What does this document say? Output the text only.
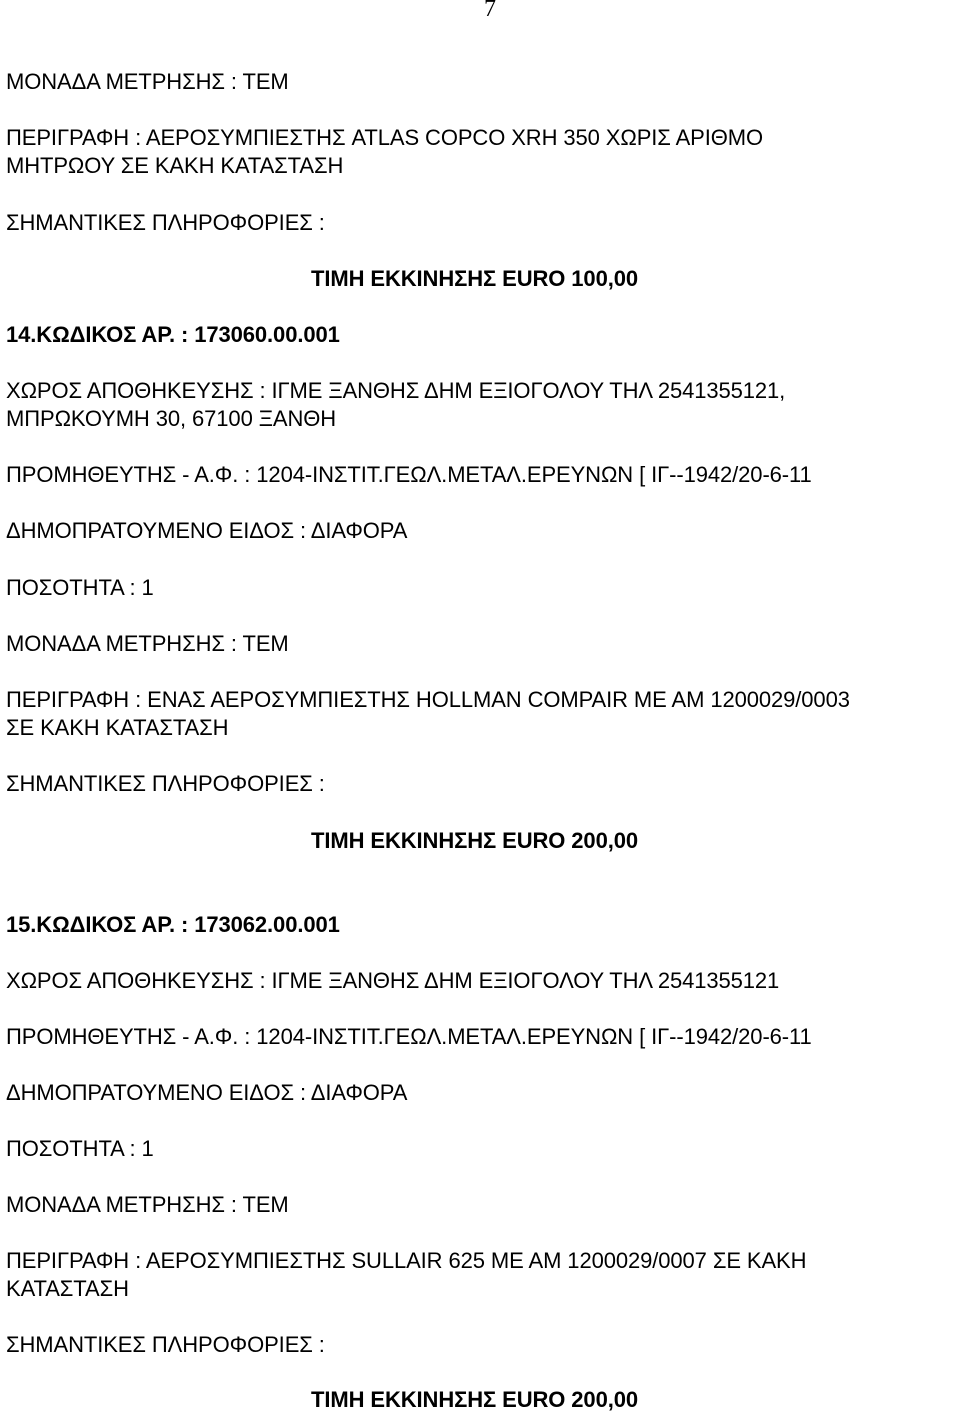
7
ΜΟΝΑΔΑ ΜΕΤΡΗΣΗΣ : ΤΕΜ
ΠΕΡΙΓΡΑΦΗ : ΑΕΡΟΣΥΜΠΙΕΣΤΗΣ ATLAS COPCO XRH 350 ΧΩΡΙΣ ΑΡΙΘΜΟ
ΜΗΤΡΩΟΥ ΣΕ ΚΑΚΗ ΚΑΤΑΣΤΑΣΗ
ΣΗΜΑΝΤΙΚΕΣ ΠΛΗΡΟΦΟΡΙΕΣ :
ΤΙΜΗ ΕΚΚΙΝΗΣΗΣ EURO 100,00
14.ΚΩΔΙΚΟΣ ΑΡ. : 173060.00.001
ΧΩΡΟΣ ΑΠΟΘΗΚΕΥΣΗΣ : ΙΓΜΕ ΞΑΝΘΗΣ ΔΗΜ ΕΞΙΟΓΟΛΟΥ ΤΗΛ 2541355121,
ΜΠΡΩΚΟΥΜΗ 30, 67100 ΞΑΝΘΗ
ΠΡΟΜΗΘΕΥΤΗΣ - Α.Φ. : 1204-ΙΝΣΤΙΤ.ΓΕΩΛ.ΜΕΤΑΛ.ΕΡΕΥΝΩΝ [ ΙΓ--1942/20-6-11
ΔΗΜΟΠΡΑΤΟΥΜΕΝΟ ΕΙΔΟΣ : ΔΙΑΦΟΡΑ
ΠΟΣΟΤΗΤΑ : 1
ΜΟΝΑΔΑ ΜΕΤΡΗΣΗΣ : ΤΕΜ
ΠΕΡΙΓΡΑΦΗ : ΕΝΑΣ ΑΕΡΟΣΥΜΠΙΕΣΤΗΣ HOLLMAN COMPAIR ΜΕ ΑΜ 1200029/0003
ΣΕ ΚΑΚΗ ΚΑΤΑΣΤΑΣΗ
ΣΗΜΑΝΤΙΚΕΣ ΠΛΗΡΟΦΟΡΙΕΣ :
ΤΙΜΗ ΕΚΚΙΝΗΣΗΣ EURO 200,00
15.ΚΩΔΙΚΟΣ ΑΡ. : 173062.00.001
ΧΩΡΟΣ ΑΠΟΘΗΚΕΥΣΗΣ : ΙΓΜΕ ΞΑΝΘΗΣ ΔΗΜ ΕΞΙΟΓΟΛΟΥ ΤΗΛ 2541355121
ΠΡΟΜΗΘΕΥΤΗΣ - Α.Φ. : 1204-ΙΝΣΤΙΤ.ΓΕΩΛ.ΜΕΤΑΛ.ΕΡΕΥΝΩΝ [ ΙΓ--1942/20-6-11
ΔΗΜΟΠΡΑΤΟΥΜΕΝΟ ΕΙΔΟΣ : ΔΙΑΦΟΡΑ
ΠΟΣΟΤΗΤΑ : 1
ΜΟΝΑΔΑ ΜΕΤΡΗΣΗΣ : ΤΕΜ
ΠΕΡΙΓΡΑΦΗ : ΑΕΡΟΣΥΜΠΙΕΣΤΗΣ SULLAIR 625 ΜΕ ΑΜ 1200029/0007 ΣΕ ΚΑΚΗ
ΚΑΤΑΣΤΑΣΗ
ΣΗΜΑΝΤΙΚΕΣ ΠΛΗΡΟΦΟΡΙΕΣ :
ΤΙΜΗ ΕΚΚΙΝΗΣΗΣ EURO 200,00
